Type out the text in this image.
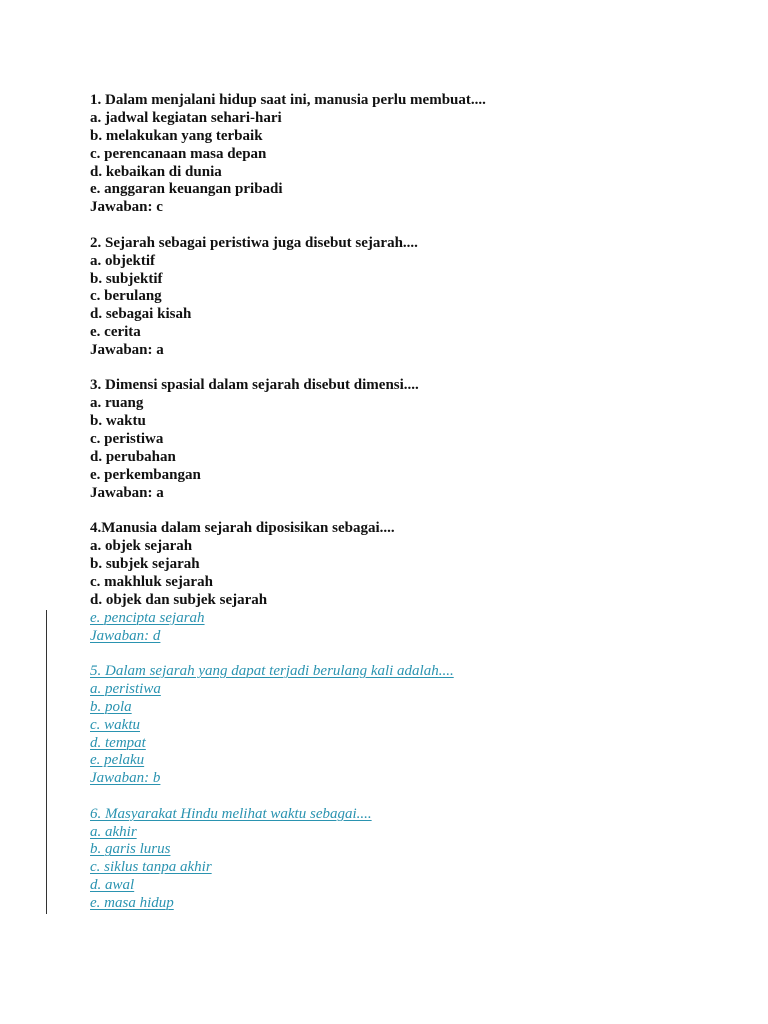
1. Dalam menjalani hidup saat ini, manusia perlu membuat....
a. jadwal kegiatan sehari-hari
b. melakukan yang terbaik
c. perencanaan masa depan
d. kebaikan di dunia
e. anggaran keuangan pribadi
Jawaban: c
2. Sejarah sebagai peristiwa juga disebut sejarah....
a. objektif
b. subjektif
c. berulang
d. sebagai kisah
e. cerita
Jawaban: a
3. Dimensi spasial dalam sejarah disebut dimensi....
a. ruang
b. waktu
c. peristiwa
d. perubahan
e. perkembangan
Jawaban: a
4.Manusia dalam sejarah diposisikan sebagai....
a. objek sejarah
b. subjek sejarah
c. makhluk sejarah
d. objek dan subjek sejarah
e. pencipta sejarah
Jawaban: d
5. Dalam sejarah yang dapat terjadi berulang kali adalah....
a. peristiwa
b. pola
c. waktu
d. tempat
e. pelaku
Jawaban: b
6. Masyarakat Hindu melihat waktu sebagai....
a. akhir
b. garis lurus
c. siklus tanpa akhir
d. awal
e. masa hidup
